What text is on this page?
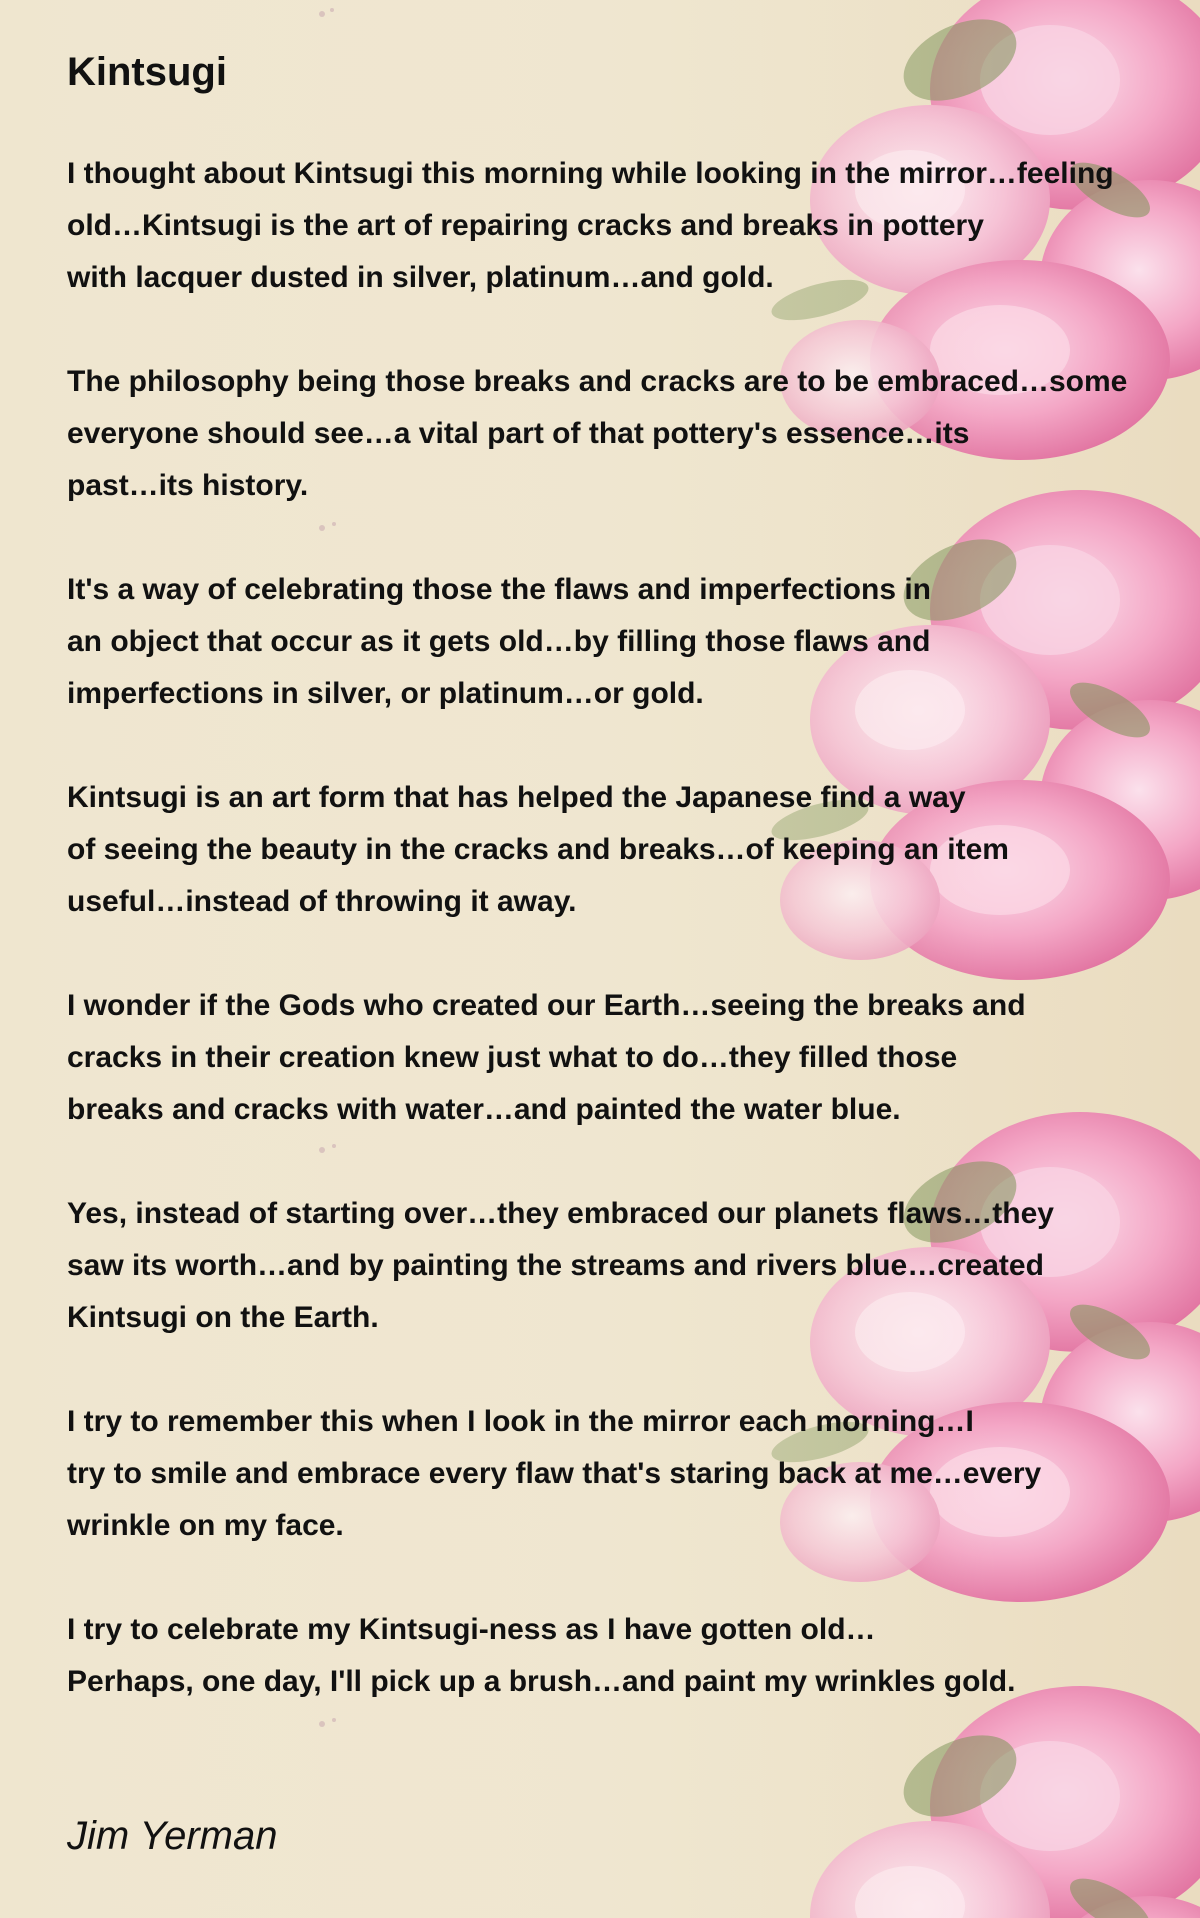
Kintsugi

I thought about Kintsugi this morning while looking in the mirror…feeling
old…Kintsugi is the art of repairing cracks and breaks in pottery
with lacquer dusted in silver, platinum…and gold.

The philosophy being those breaks and cracks are to be embraced…some
everyone should see…a vital part of that pottery's essence…its
past…its history.

It's a way of celebrating those the flaws and imperfections in
an object that occur as it gets old…by filling those flaws and
imperfections in silver, or platinum…or gold.

Kintsugi is an art form that has helped the Japanese find a way
of seeing the beauty in the cracks and breaks…of keeping an item
useful…instead of throwing it away.

I wonder if the Gods who created our Earth…seeing the breaks and
cracks in their creation knew just what to do…they filled those
breaks and cracks with water…and painted the water blue.

Yes, instead of starting over…they embraced our planets flaws…they
saw its worth…and by painting the streams and rivers blue…created
Kintsugi on the Earth.

I try to remember this when I look in the mirror each morning…I
try to smile and embrace every flaw that's staring back at me…every
wrinkle on my face.

I try to celebrate my Kintsugi-ness as I have gotten old…
Perhaps, one day, I'll pick up a brush…and paint my wrinkles gold.

Jim Yerman
